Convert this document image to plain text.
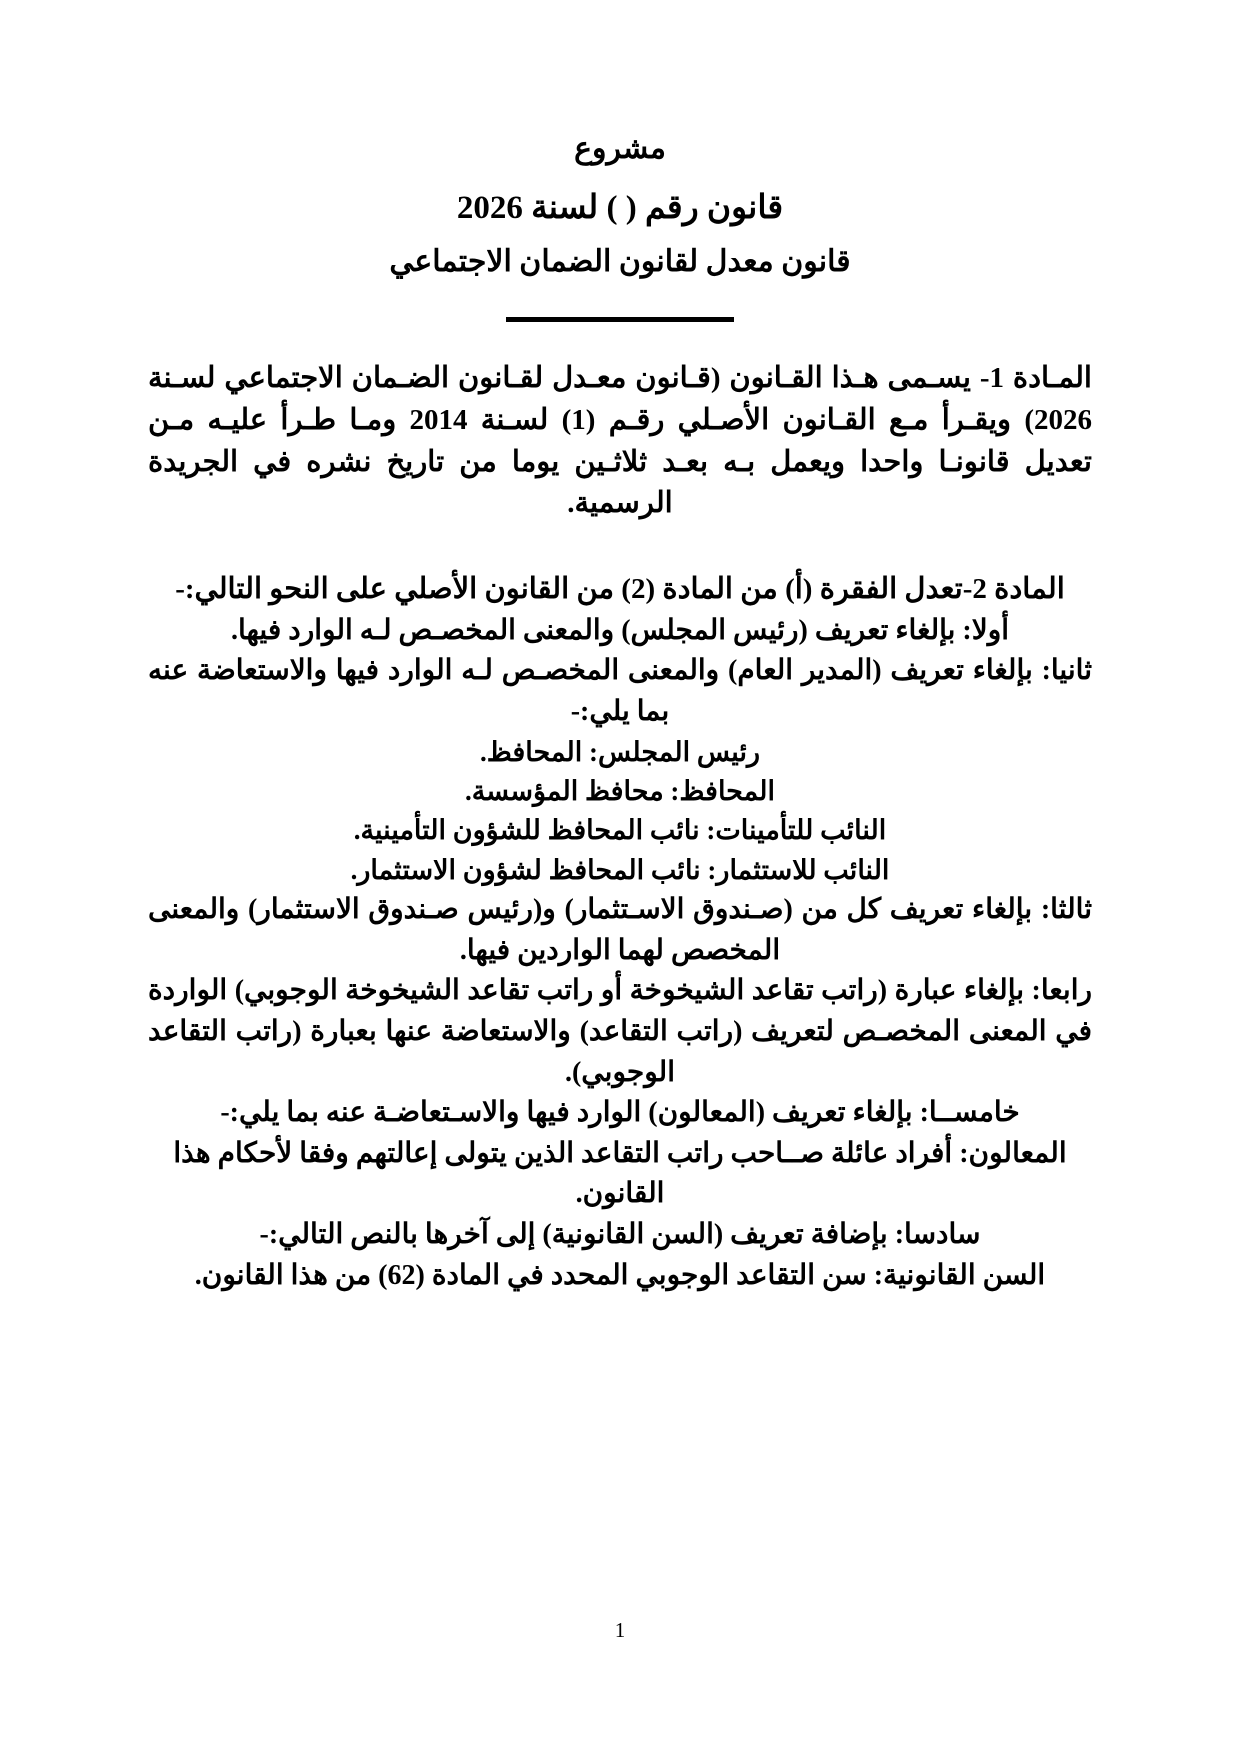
مشروع
قانون رقم ( ) لسنة 2026
قانون معدل لقانون الضمان الاجتماعي

المـادة 1- يسـمى هـذا القـانون (قـانون معـدل لقـانون الضـمان الاجتماعي لسـنة 2026) ويقـرأ مـع القـانون الأصـلي رقـم (1) لسـنة 2014 ومـا طـرأ عليـه مـن تعديل قانونـا واحدا ويعمل بـه بعـد ثلاثـين يوما من تاريخ نشره في الجريدة الرسمية.

المادة 2-تعدل الفقرة (أ) من المادة (2) من القانون الأصلي على النحو التالي:-

أولا: بإلغاء تعريف (رئيس المجلس) والمعنى المخصـص لـه الوارد فيها.

ثانيا: بإلغاء تعريف (المدير العام) والمعنى المخصـص لـه الوارد فيها والاستعاضة عنه بما يلي:-

رئيس المجلس: المحافظ.

المحافظ: محافظ المؤسسة.

النائب للتأمينات: نائب المحافظ للشؤون التأمينية.

النائب للاستثمار: نائب المحافظ لشؤون الاستثمار.

ثالثا: بإلغاء تعريف كل من (صـندوق الاسـتثمار) و(رئيس صـندوق الاستثمار) والمعنى المخصص لهما الواردين فيها.

رابعا: بإلغاء عبارة (راتب تقاعد الشيخوخة أو راتب تقاعد الشيخوخة الوجوبي) الواردة في المعنى المخصـص لتعريف (راتب التقاعد) والاستعاضة عنها بعبارة (راتب التقاعد الوجوبي).

خامســا: بإلغاء تعريف (المعالون) الوارد فيها والاسـتعاضـة عنه بما يلي:-

المعالون: أفراد عائلة صــاحب راتب التقاعد الذين يتولى إعالتهم وفقا لأحكام هذا القانون.

سادسا: بإضافة تعريف (السن القانونية) إلى آخرها بالنص التالي:-

السن القانونية: سن التقاعد الوجوبي المحدد في المادة (62) من هذا القانون.

1
